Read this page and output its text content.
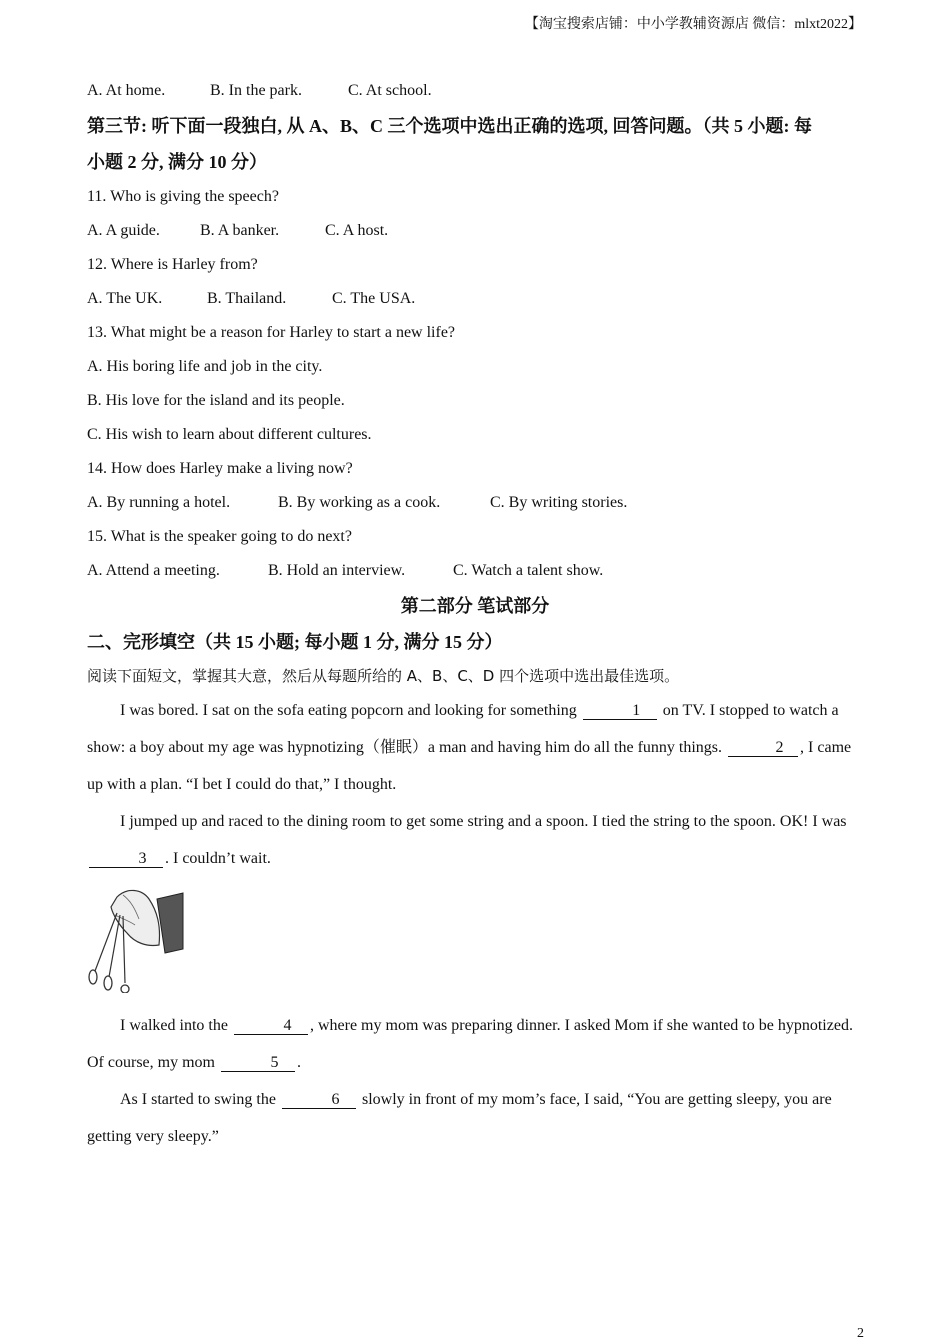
【淘宝搜索店铺：中小学教辅资源店 微信：mlxt2022】

A. At home.	B. In the park.	C. At school.

第三节: 听下面一段独白, 从 A、B、C 三个选项中选出正确的选项, 回答问题。（共 5 小题: 每

小题 2 分, 满分 10 分）

11. Who is giving the speech?

A. A guide.	B. A banker.	C. A host.

12. Where is Harley from?

A. The UK.	B. Thailand.	C. The USA.

13. What might be a reason for Harley to start a new life?

A. His boring life and job in the city.

B. His love for the island and its people.

C. His wish to learn about different cultures.

14. How does Harley make a living now?

A. By running a hotel.	B. By working as a cook.	C. By writing stories.

15. What is the speaker going to do next?

A. Attend a meeting.	B. Hold an interview.	C. Watch a talent show.

第二部分 笔试部分

二、完形填空（共 15 小题; 每小题 1 分, 满分 15 分）

阅读下面短文，掌握其大意，然后从每题所给的 A、B、C、D 四个选项中选出最佳选项。

I was bored. I sat on the sofa eating popcorn and looking for something	1 on TV. I stopped to watch a show: a boy about my age was hypnotizing（催眠）a man and having him do all the funny things.	2 , I came up with a plan. “I bet I could do that,” I thought.

I jumped up and raced to the dining room to get some string and a spoon. I tied the string to the spoon. OK! I was 3 . I couldn’t wait.

I walked into the	4 , where my mom was preparing dinner. I asked Mom if she wanted to be hypnotized. Of course, my mom	5 .

As I started to swing the	6 slowly in front of my mom’s face, I said, “You are getting sleepy, you are getting very sleepy.”

2
